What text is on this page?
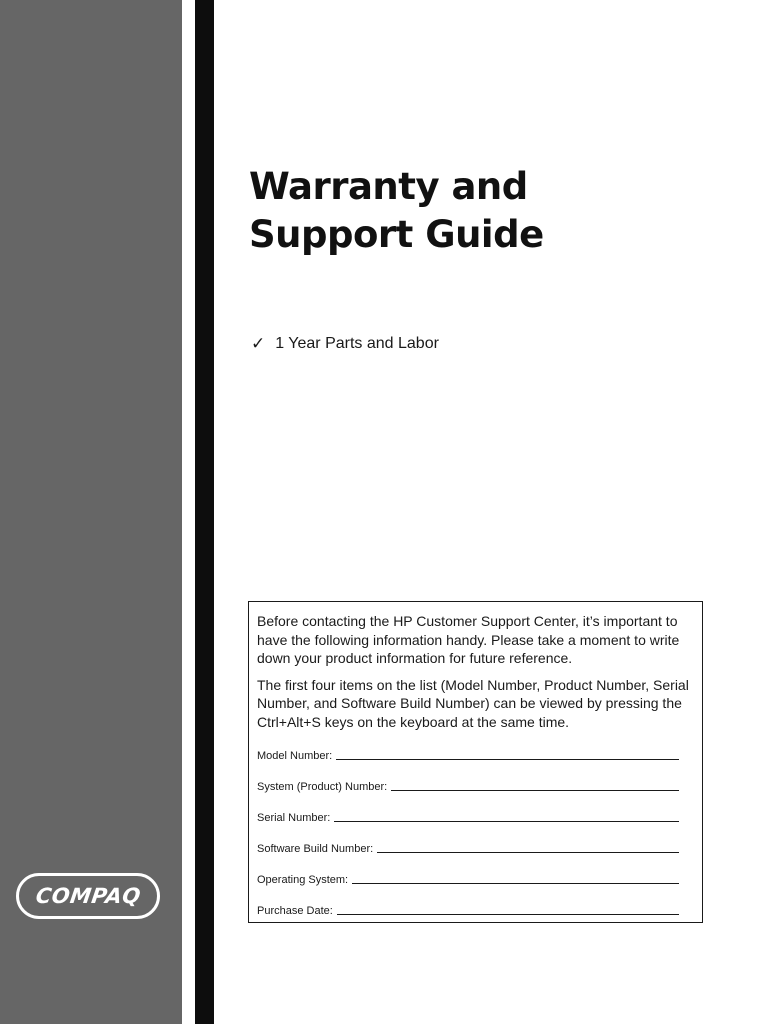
COMPAQ
Warranty and
Support Guide
✓ 1 Year Parts and Labor

Before contacting the HP Customer Support Center, it’s important to have the following information handy. Please take a moment to write down your product information for future reference.

The first four items on the list (Model Number, Product Number, Serial Number, and Software Build Number) can be viewed by pressing the Ctrl+Alt+S keys on the keyboard at the same time.

Model Number:
System (Product) Number:
Serial Number:
Software Build Number:
Operating System:
Purchase Date:
